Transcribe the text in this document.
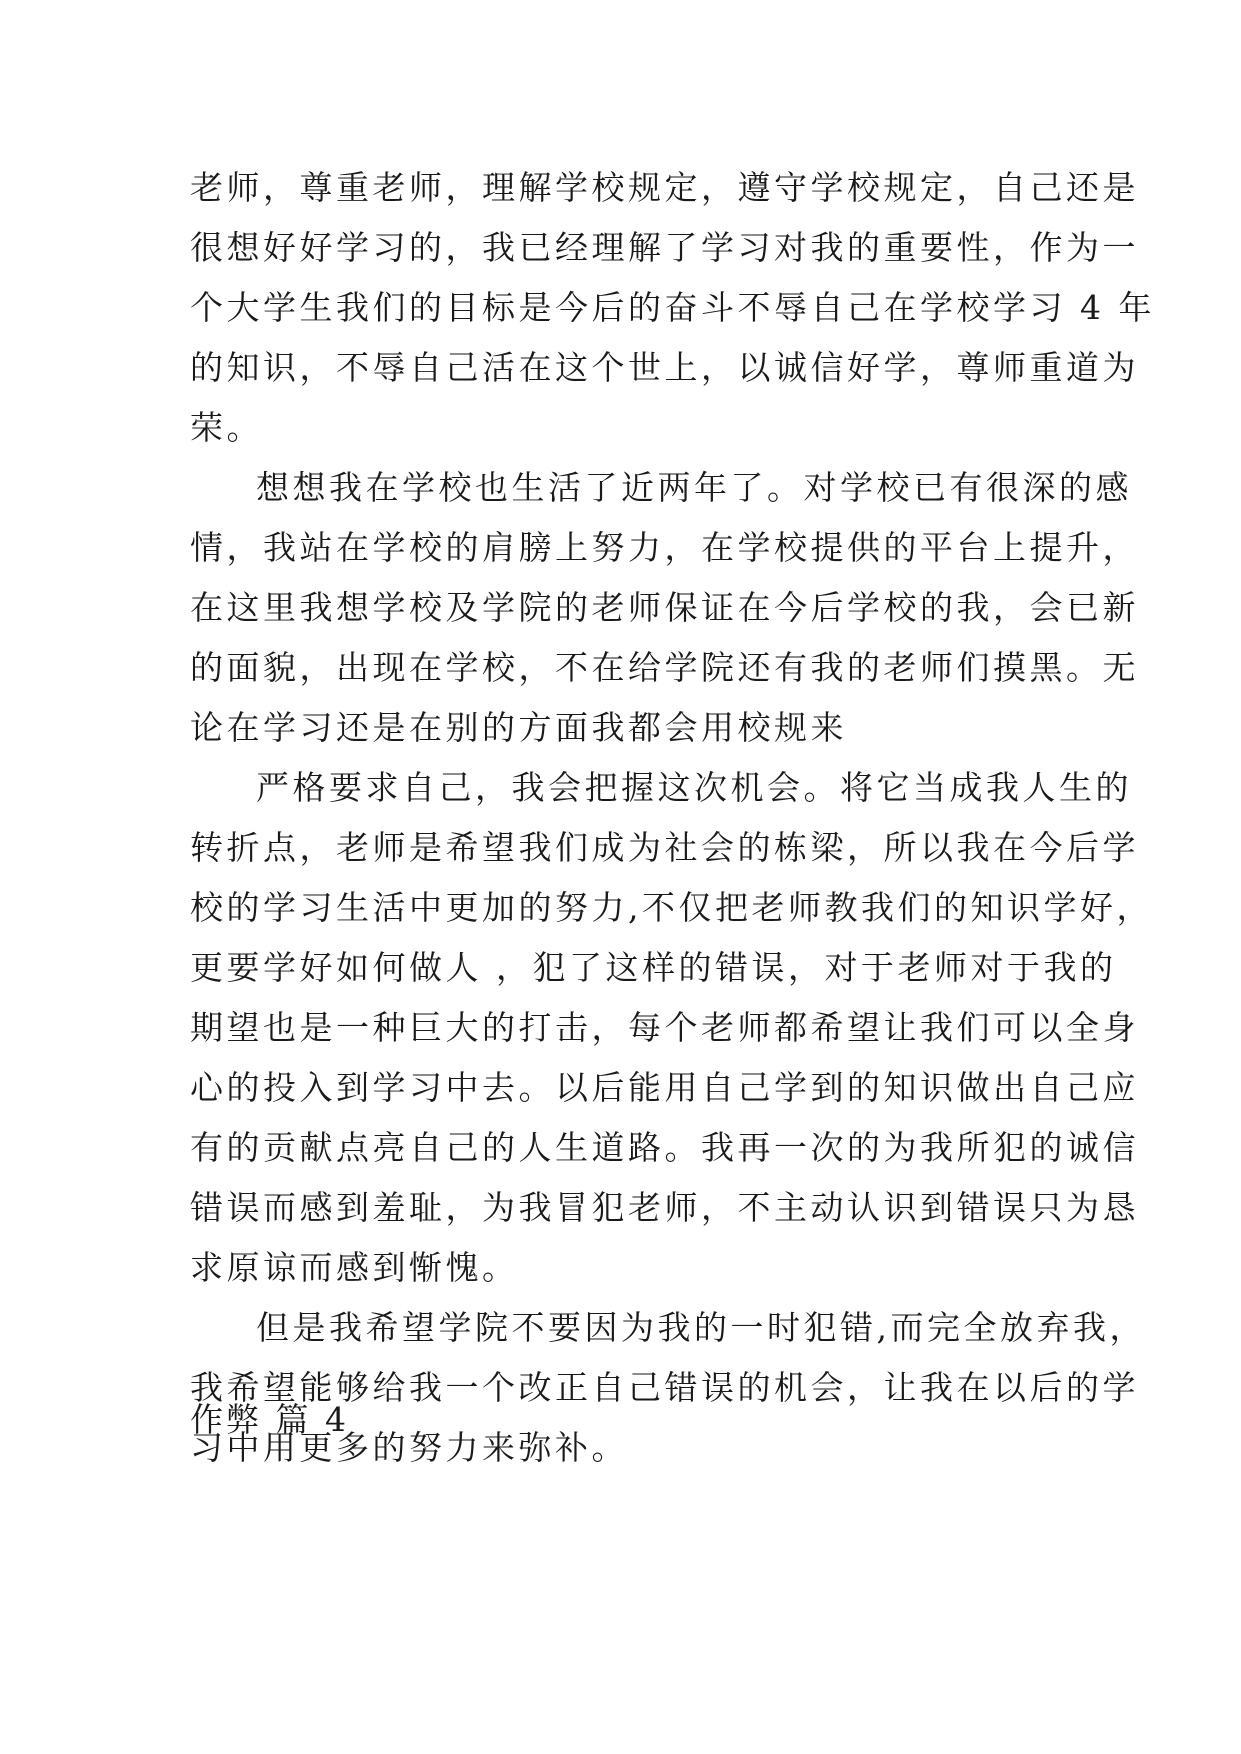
老师，尊重老师，理解学校规定，遵守学校规定，自己还是
很想好好学习的，我已经理解了学习对我的重要性，作为一
个大学生我们的目标是今后的奋斗不辱自己在学校学习 4 年
的知识，不辱自己活在这个世上，以诚信好学，尊师重道为
荣。
想想我在学校也生活了近两年了。对学校已有很深的感
情，我站在学校的肩膀上努力，在学校提供的平台上提升，
在这里我想学校及学院的老师保证在今后学校的我，会已新
的面貌，出现在学校，不在给学院还有我的老师们摸黑。无
论在学习还是在别的方面我都会用校规来
严格要求自己，我会把握这次机会。将它当成我人生的
转折点，老师是希望我们成为社会的栋梁，所以我在今后学
校的学习生活中更加的努力,不仅把老师教我们的知识学好，
更要学好如何做人 ，犯了这样的错误，对于老师对于我的
期望也是一种巨大的打击，每个老师都希望让我们可以全身
心的投入到学习中去。以后能用自己学到的知识做出自己应
有的贡献点亮自己的人生道路。我再一次的为我所犯的诚信
错误而感到羞耻，为我冒犯老师，不主动认识到错误只为恳
求原谅而感到惭愧。
但是我希望学院不要因为我的一时犯错,而完全放弃我，
我希望能够给我一个改正自己错误的机会，让我在以后的学
习中用更多的努力来弥补。
作弊 篇 4
